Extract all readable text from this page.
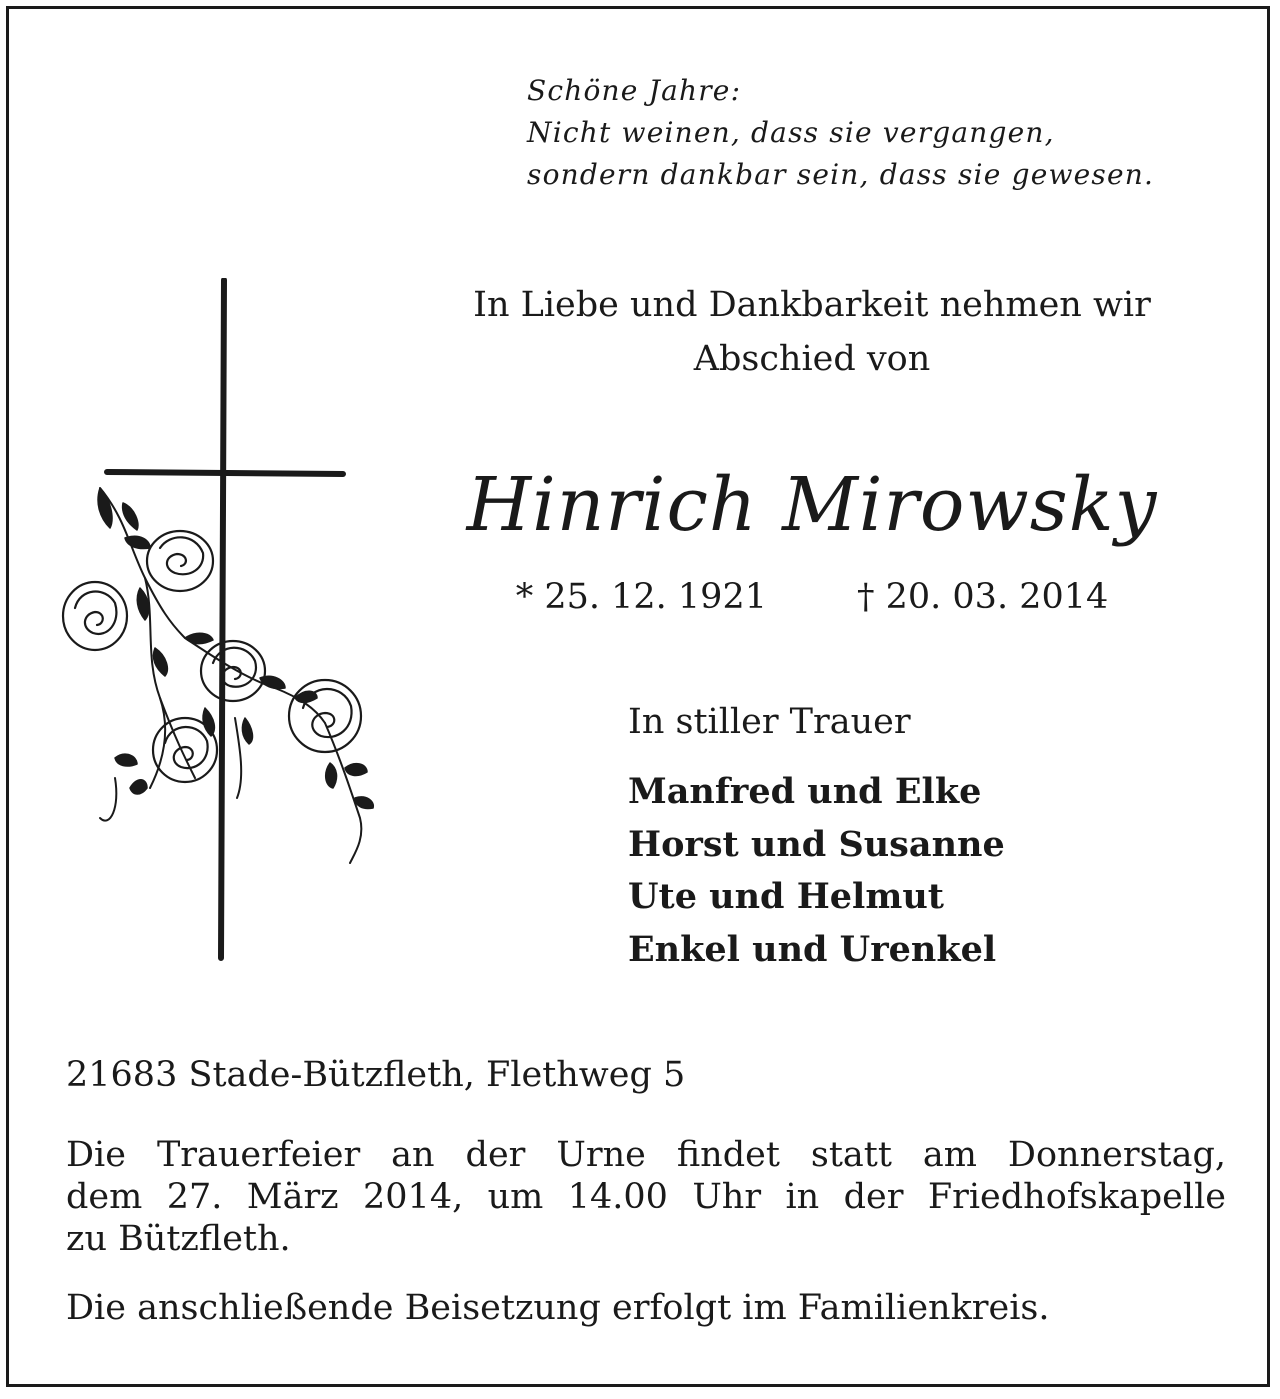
Schöne Jahre:
Nicht weinen, dass sie vergangen,
sondern dankbar sein, dass sie gewesen.
In Liebe und Dankbarkeit nehmen wir
Abschied von
Hinrich Mirowsky
* 25. 12. 1921	† 20. 03. 2014
In stiller Trauer
Manfred und Elke
Horst und Susanne
Ute und Helmut
Enkel und Urenkel
21683 Stade-Bützfleth, Flethweg 5
Die Trauerfeier an der Urne findet statt am Donnerstag,
dem 27. März 2014, um 14.00 Uhr in der Friedhofskapelle
zu Bützfleth.
Die anschließende Beisetzung erfolgt im Familienkreis.
